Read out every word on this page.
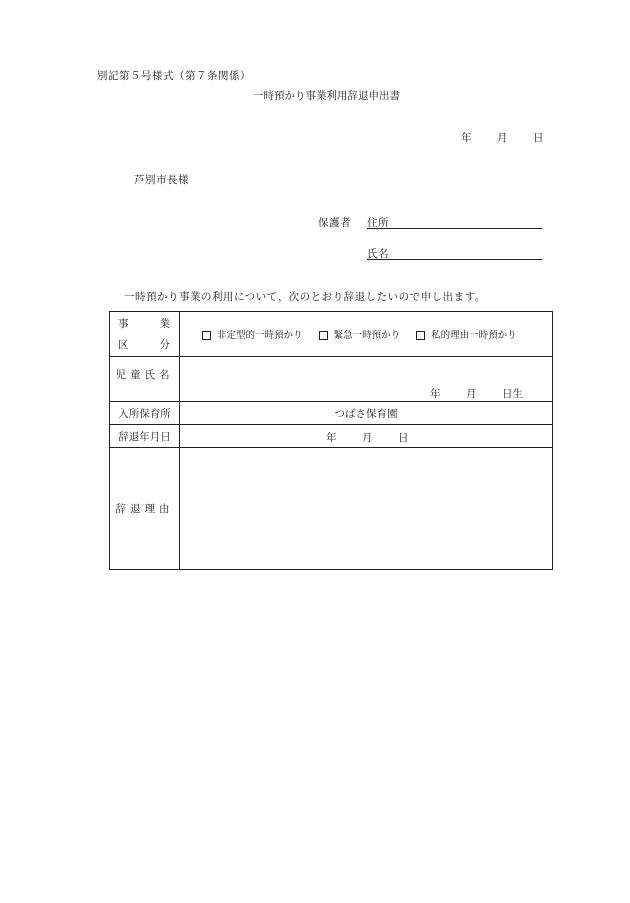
別記第５号様式（第７条関係）
一時預かり事業利用辞退申出書
年 月 日
芦別市長様
保護者 住所
氏名
一時預かり事業の利用について、次のとおり辞退したいので申し出ます。
事 業
区 分	非定型的一時預かり 緊急一時預かり 私的理由一時預かり
児童氏名	年 月 日生

入所保育所	つばさ保育園
辞退年月日	年 月 日

辞退理由	
